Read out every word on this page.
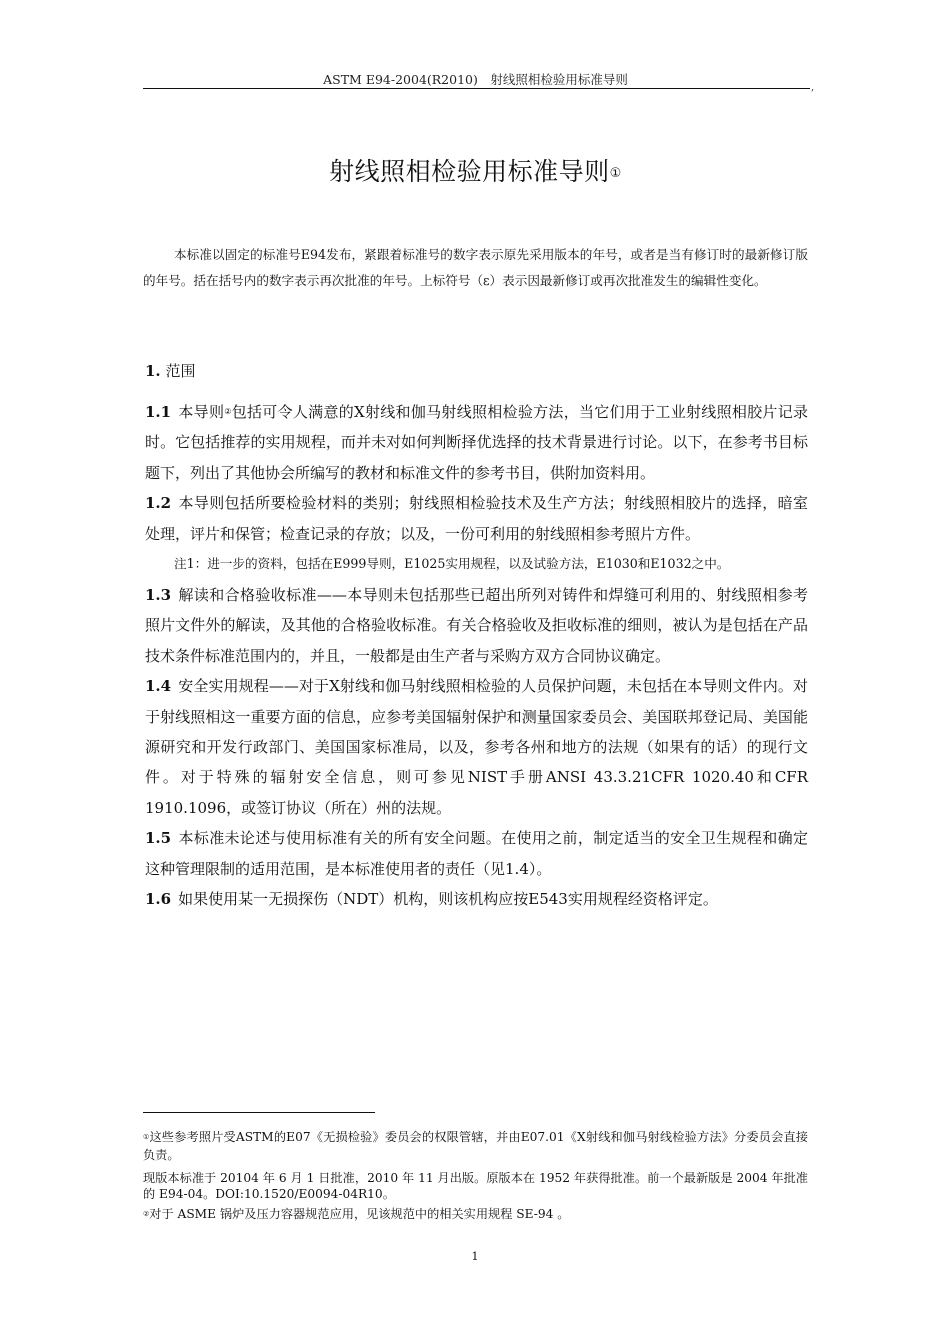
ASTM E94-2004(R2010)　射线照相检验用标准导则
,
射线照相检验用标准导则①

本标准以固定的标准号E94发布，紧跟着标准号的数字表示原先采用版本的年号，或者是当有修订时的最新修订版的年号。括在括号内的数字表示再次批准的年号。上标符号（ε）表示因最新修订或再次批准发生的编辑性变化。

1. 范围

1.1 本导则②包括可令人满意的X射线和伽马射线照相检验方法，当它们用于工业射线照相胶片记录时。它包括推荐的实用规程，而并未对如何判断择优选择的技术背景进行讨论。以下，在参考书目标题下，列出了其他协会所编写的教材和标准文件的参考书目，供附加资料用。

1.2 本导则包括所要检验材料的类别；射线照相检验技术及生产方法；射线照相胶片的选择，暗室处理，评片和保管；检查记录的存放；以及，一份可利用的射线照相参考照片方件。

注1：进一步的资料，包括在E999导则，E1025实用规程，以及试验方法，E1030和E1032之中。

1.3 解读和合格验收标准——本导则未包括那些已超出所列对铸件和焊缝可利用的、射线照相参考照片文件外的解读，及其他的合格验收标准。有关合格验收及拒收标准的细则，被认为是包括在产品技术条件标准范围内的，并且，一般都是由生产者与采购方双方合同协议确定。

1.4 安全实用规程——对于X射线和伽马射线照相检验的人员保护问题，未包括在本导则文件内。对于射线照相这一重要方面的信息，应参考美国辐射保护和测量国家委员会、美国联邦登记局、美国能源研究和开发行政部门、美国国家标准局，以及，参考各州和地方的法规（如果有的话）的现行文件。对于特殊的辐射安全信息，则可参见NIST手册ANSI 43.3.21CFR 1020.40和CFR 1910.1096，或签订协议（所在）州的法规。

1.5 本标准未论述与使用标准有关的所有安全问题。在使用之前，制定适当的安全卫生规程和确定这种管理限制的适用范围，是本标准使用者的责任（见1.4）。

1.6 如果使用某一无损探伤（NDT）机构，则该机构应按E543实用规程经资格评定。

①这些参考照片受ASTM的E07《无损检验》委员会的权限管辖，并由E07.01《X射线和伽马射线检验方法》分委员会直接负责。

现版本标准于 20104 年 6 月 1 日批准，2010 年 11 月出版。原版本在 1952 年获得批准。前一个最新版是 2004 年批准的 E94-04。DOI:10.1520/E0094-04R10。

②对于 ASME 锅炉及压力容器规范应用，见该规范中的相关实用规程 SE-94 。

1
